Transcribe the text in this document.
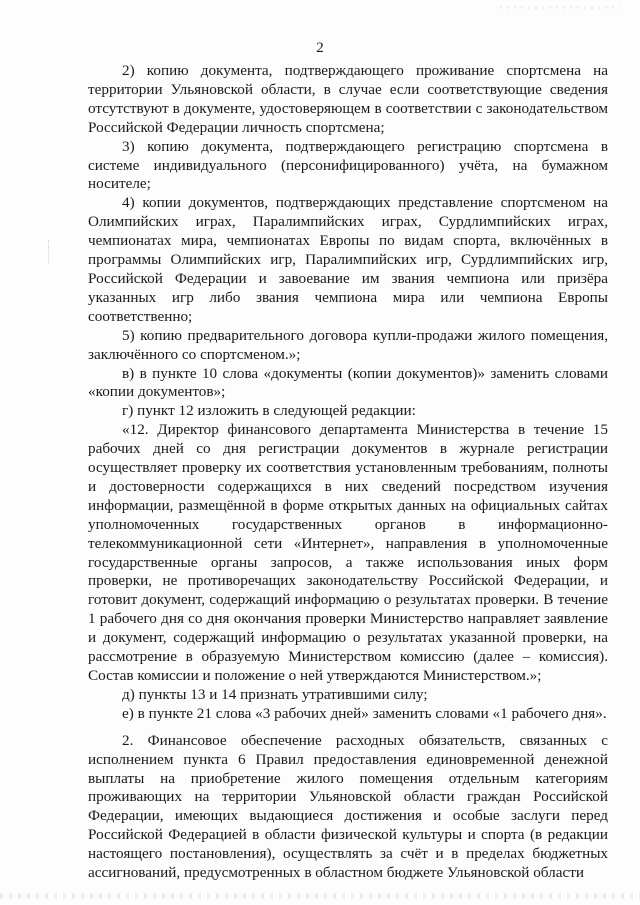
2

2) копию документа, подтверждающего проживание спортсмена на территории Ульяновской области, в случае если соответствующие сведения отсутствуют в документе, удостоверяющем в соответствии с законодательством Российской Федерации личность спортсмена;

3) копию документа, подтверждающего регистрацию спортсмена в системе индивидуального (персонифицированного) учёта, на бумажном носителе;

4) копии документов, подтверждающих представление спортсменом на Олимпийских играх, Паралимпийских играх, Сурдлимпийских играх, чемпионатах мира, чемпионатах Европы по видам спорта, включённых в программы Олимпийских игр, Паралимпийских игр, Сурдлимпийских игр, Российской Федерации и завоевание им звания чемпиона или призёра указанных игр либо звания чемпиона мира или чемпиона Европы соответственно;

5) копию предварительного договора купли-продажи жилого помещения, заключённого со спортсменом.»;

в) в пункте 10 слова «документы (копии документов)» заменить словами «копии документов»;

г) пункт 12 изложить в следующей редакции:

«12. Директор финансового департамента Министерства в течение 15 рабочих дней со дня регистрации документов в журнале регистрации осуществляет проверку их соответствия установленным требованиям, полноты и достоверности содержащихся в них сведений посредством изучения информации, размещённой в форме открытых данных на официальных сайтах уполномоченных государственных органов в информационно-телекоммуникационной сети «Интернет», направления в уполномоченные государственные органы запросов, а также использования иных форм проверки, не противоречащих законодательству Российской Федерации, и готовит документ, содержащий информацию о результатах проверки. В течение 1 рабочего дня со дня окончания проверки Министерство направляет заявление и документ, содержащий информацию о результатах указанной проверки, на рассмотрение в образуемую Министерством комиссию (далее – комиссия). Состав комиссии и положение о ней утверждаются Министерством.»;

д) пункты 13 и 14 признать утратившими силу;

е) в пункте 21 слова «3 рабочих дней» заменить словами «1 рабочего дня».

2. Финансовое обеспечение расходных обязательств, связанных с исполнением пункта 6 Правил предоставления единовременной денежной выплаты на приобретение жилого помещения отдельным категориям проживающих на территории Ульяновской области граждан Российской Федерации, имеющих выдающиеся достижения и особые заслуги перед Российской Федерацией в области физической культуры и спорта (в редакции настоящего постановления), осуществлять за счёт и в пределах бюджетных ассигнований, предусмотренных в областном бюджете Ульяновской области
